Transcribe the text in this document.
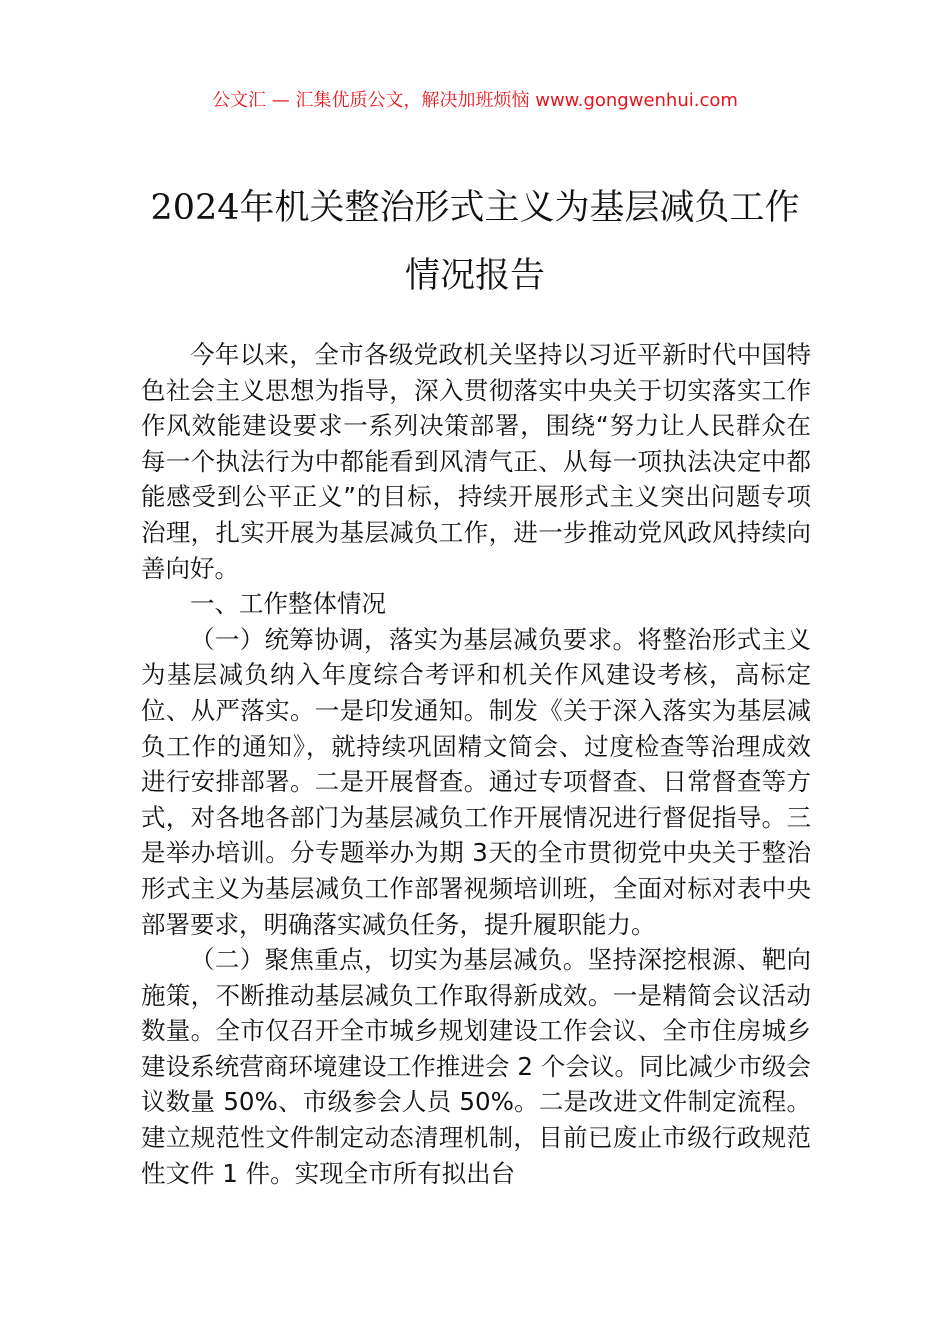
公文汇 — 汇集优质公文，解决加班烦恼 www.gongwenhui.com
2024年机关整治形式主义为基层减负工作
情况报告

今年以来，全市各级党政机关坚持以习近平新时代中国特色社会主义思想为指导，深入贯彻落实中央关于切实落实工作作风效能建设要求一系列决策部署，围绕“努力让人民群众在每一个执法行为中都能看到风清气正、从每一项执法决定中都能感受到公平正义”的目标，持续开展形式主义突出问题专项治理，扎实开展为基层减负工作，进一步推动党风政风持续向善向好。

一、工作整体情况

（一）统筹协调，落实为基层减负要求。将整治形式主义为基层减负纳入年度综合考评和机关作风建设考核，高标定位、从严落实。一是印发通知。制发《关于深入落实为基层减负工作的通知》，就持续巩固精文简会、过度检查等治理成效进行安排部署。二是开展督查。通过专项督查、日常督查等方式，对各地各部门为基层减负工作开展情况进行督促指导。三是举办培训。分专题举办为期 3天的全市贯彻党中央关于整治形式主义为基层减负工作部署视频培训班，全面对标对表中央部署要求，明确落实减负任务，提升履职能力。

（二）聚焦重点，切实为基层减负。坚持深挖根源、靶向施策，不断推动基层减负工作取得新成效。一是精简会议活动数量。全市仅召开全市城乡规划建设工作会议、全市住房城乡建设系统营商环境建设工作推进会 2 个会议。同比减少市级会议数量 50%、市级参会人员 50%。二是改进文件制定流程。建立规范性文件制定动态清理机制，目前已废止市级行政规范性文件 1 件。实现全市所有拟出台
